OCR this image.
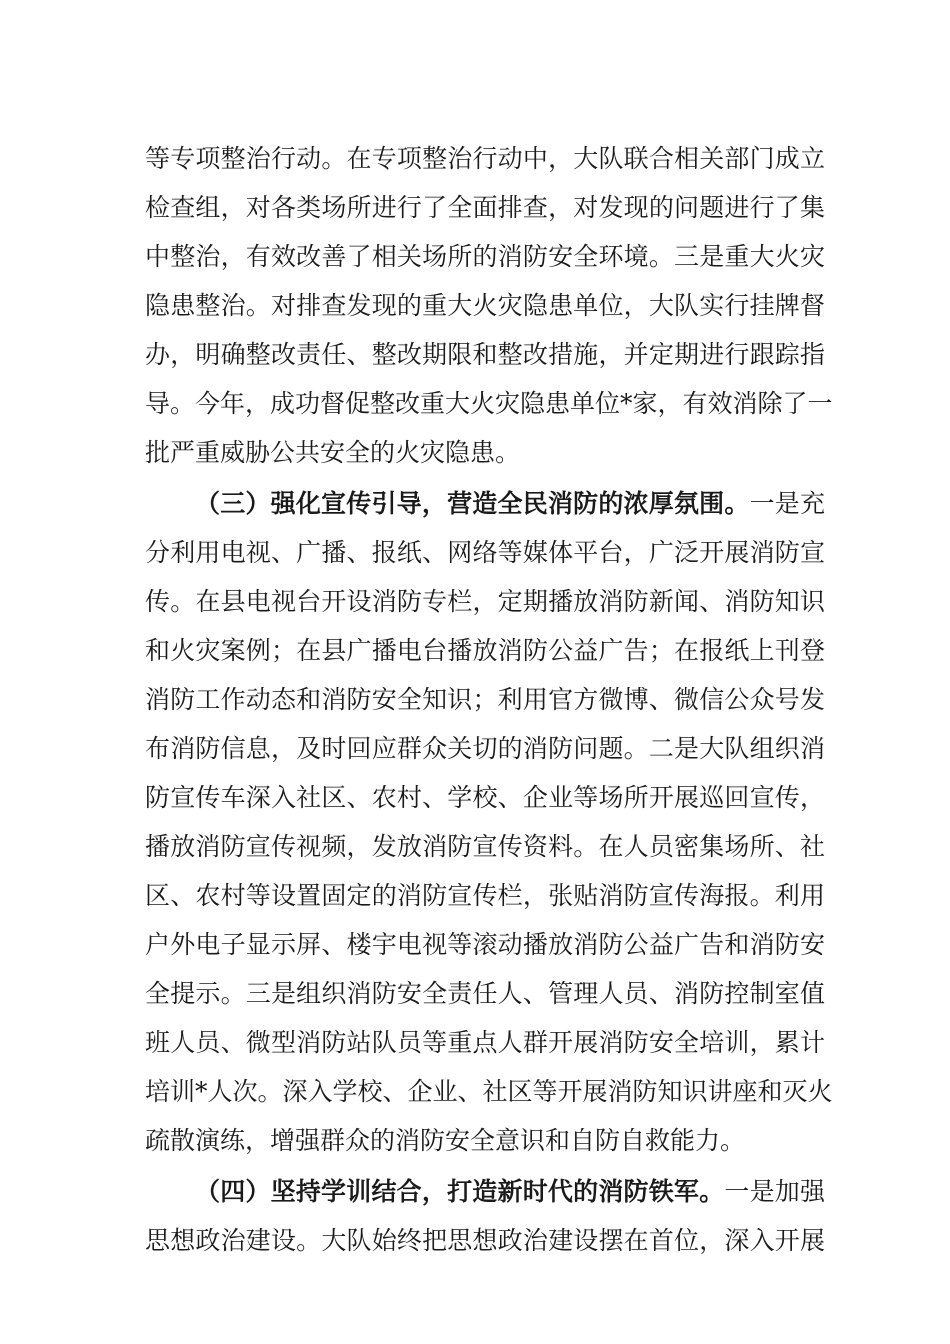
等专项整治行动。在专项整治行动中，大队联合相关部门成立
检查组，对各类场所进行了全面排查，对发现的问题进行了集
中整治，有效改善了相关场所的消防安全环境。三是重大火灾
隐患整治。对排查发现的重大火灾隐患单位，大队实行挂牌督
办，明确整改责任、整改期限和整改措施，并定期进行跟踪指
导。今年，成功督促整改重大火灾隐患单位*家，有效消除了一
批严重威胁公共安全的火灾隐患。
（三）强化宣传引导，营造全民消防的浓厚氛围。一是充
分利用电视、广播、报纸、网络等媒体平台，广泛开展消防宣
传。在县电视台开设消防专栏，定期播放消防新闻、消防知识
和火灾案例；在县广播电台播放消防公益广告；在报纸上刊登
消防工作动态和消防安全知识；利用官方微博、微信公众号发
布消防信息，及时回应群众关切的消防问题。二是大队组织消
防宣传车深入社区、农村、学校、企业等场所开展巡回宣传，
播放消防宣传视频，发放消防宣传资料。在人员密集场所、社
区、农村等设置固定的消防宣传栏，张贴消防宣传海报。利用
户外电子显示屏、楼宇电视等滚动播放消防公益广告和消防安
全提示。三是组织消防安全责任人、管理人员、消防控制室值
班人员、微型消防站队员等重点人群开展消防安全培训，累计
培训*人次。深入学校、企业、社区等开展消防知识讲座和灭火
疏散演练，增强群众的消防安全意识和自防自救能力。
（四）坚持学训结合，打造新时代的消防铁军。一是加强
思想政治建设。大队始终把思想政治建设摆在首位，深入开展
